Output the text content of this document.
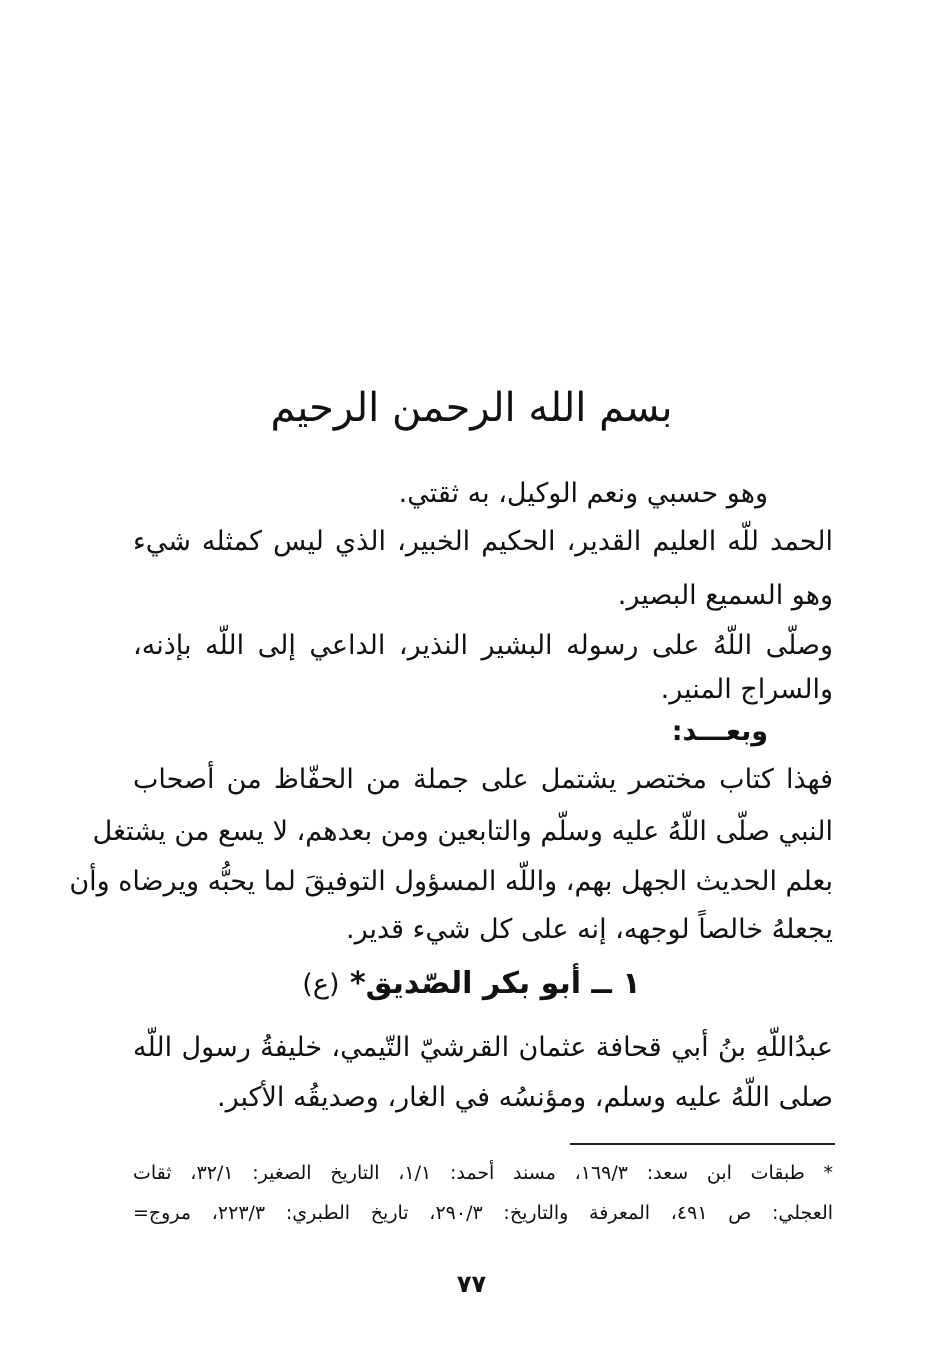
بسم الله الرحمن الرحيم
وهو حسبي ونعم الوكيل، به ثقتي.
الحمد للّه العليم القدير، الحكيم الخبير، الذي ليس كمثله شيء
وهو السميع البصير.
وصلّى اللّهُ على رسوله البشير النذير، الداعي إلى اللّه بإذنه،
والسراج المنير.
وبعـــد:
فهذا كتاب مختصر يشتمل على جملة من الحفّاظ من أصحاب
النبي صلّى اللّهُ عليه وسلّم والتابعين ومن بعدهم، لا يسع من يشتغل
بعلم الحديث الجهل بهم، واللّه المسؤول التوفيقَ لما يحبُّه ويرضاه وأن
يجعلهُ خالصاً لوجهه، إنه على كل شيء قدير.
١ ــ أبو بكر الصّديق* (ع)
عبدُاللّهِ بنُ أبي قحافة عثمان القرشيّ التّيمي، خليفةُ رسول اللّه
صلى اللّهُ عليه وسلم، ومؤنسُه في الغار، وصديقُه الأكبر.
* طبقات ابن سعد: ١٦٩/٣، مسند أحمد: ١/١، التاريخ الصغير: ٣٢/١، ثقات
العجلي: ص ٤٩١، المعرفة والتاريخ: ٢٩٠/٣، تاريخ الطبري: ٢٢٣/٣، مروج=
٧٧
